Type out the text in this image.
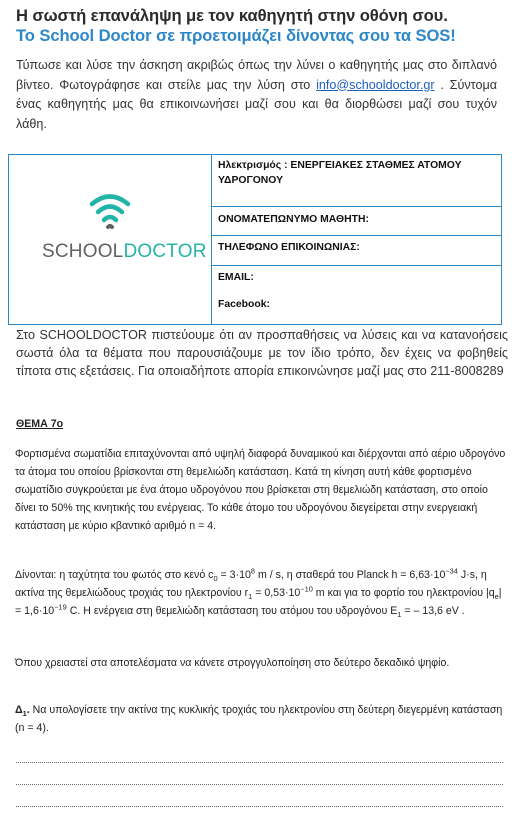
Η σωστή επανάληψη με τον καθηγητή στην οθόνη σου.
Το School Doctor σε προετοιμάζει δίνοντας σου τα SOS!
Τύπωσε και λύσε την άσκηση ακριβώς όπως την λύνει ο καθηγητής μας στο διπλανό βίντεο. Φωτογράφησε και στείλε μας την λύση στο info@schooldoctor.gr . Σύντομα ένας καθηγητής μας θα επικοινωνήσει μαζί σου και θα διορθώσει μαζί σου τυχόν λάθη.
SCHOOLDOCTOR
Ηλεκτρισμός : ΕΝΕΡΓΕΙΑΚΕΣ ΣΤΑΘΜΕΣ ΑΤΟΜΟΥ ΥΔΡΟΓΟΝΟΥ
ΟΝΟΜΑΤΕΠΩΝΥΜΟ ΜΑΘΗΤΗ:
ΤΗΛΕΦΩΝΟ ΕΠΙΚΟΙΝΩΝΙΑΣ:
EMAIL:
Facebook:
Στο SCHOOLDOCTOR πιστεύουμε ότι αν προσπαθήσεις να λύσεις και να κατανοήσεις σωστά όλα τα θέματα που παρουσιάζουμε με τον ίδιο τρόπο, δεν έχεις να φοβηθείς τίποτα στις εξετάσεις. Για οποιαδήποτε απορία επικοινώνησε μαζί μας στο 211-8008289
ΘΕΜΑ 7ο
Φορτισμένα σωματίδια επιταχύνονται από υψηλή διαφορά δυναμικού και διέρχονται από αέριο υδρογόνο τα άτομα του οποίου βρίσκονται στη θεμελιώδη κατάσταση. Κατά τη κίνηση αυτή κάθε φορτισμένο σωματίδιο συγκρούεται με ένα άτομο υδρογόνου που βρίσκεται στη θεμελιώδη κατάσταση, στο οποίο δίνει το 50% της κινητικής του ενέργειας. Το κάθε άτομο του υδρογόνου διεγείρεται στην ενεργειακή κατάσταση με κύριο κβαντικό αριθμό n = 4.
Δίνονται: η ταχύτητα του φωτός στο κενό $c_0 = 3\cdot 10^8$ m / s, η σταθερά του Planck $h = 6,63\cdot 10^{-34}$ J·s, η ακτίνα της θεμελιώδους τροχιάς του ηλεκτρονίου $r_1 = 0,53\cdot 10^{-10}$ m και για το φορτίο του ηλεκτρονίου $|q_e| = 1,6\cdot 10^{-19}$ C. Η ενέργεια στη θεμελιώδη κατάσταση του ατόμου του υδρογόνου $E_1$ = – 13,6 eV .
Όπου χρειαστεί στα αποτελέσματα να κάνετε στρογγυλοποίηση στο δεύτερο δεκαδικό ψηφίο.
$\Delta_1$. Να υπολογίσετε την ακτίνα της κυκλικής τροχιάς του ηλεκτρονίου στη δεύτερη διεγερμένη κατάσταση (n = 4).
